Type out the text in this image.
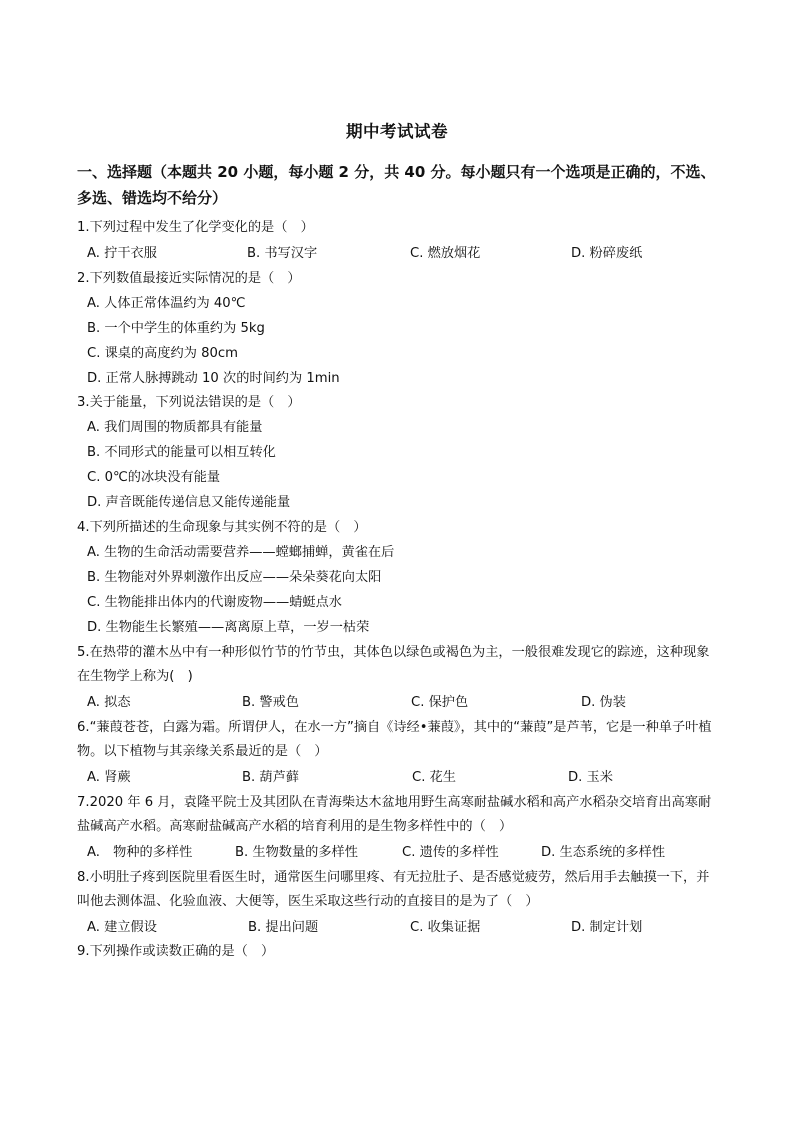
期中考试试卷
一、选择题（本题共 20 小题，每小题 2 分，共 40 分。每小题只有一个选项是正确的，不选、多选、错选均不给分）
1.下列过程中发生了化学变化的是（　）
A. 拧干衣服	B. 书写汉字	C. 燃放烟花	D. 粉碎废纸
2.下列数值最接近实际情况的是（　）
A. 人体正常体温约为 40℃
B. 一个中学生的体重约为 5kg
C. 课桌的高度约为 80cm
D. 正常人脉搏跳动 10 次的时间约为 1min
3.关于能量，下列说法错误的是（　）
A. 我们周围的物质都具有能量
B. 不同形式的能量可以相互转化
C. 0℃的冰块没有能量
D. 声音既能传递信息又能传递能量
4.下列所描述的生命现象与其实例不符的是（　）
A. 生物的生命活动需要营养——螳螂捕蝉，黄雀在后
B. 生物能对外界刺激作出反应——朵朵葵花向太阳
C. 生物能排出体内的代谢废物——蜻蜓点水
D. 生物能生长繁殖——离离原上草，一岁一枯荣
5.在热带的灌木丛中有一种形似竹节的竹节虫，其体色以绿色或褐色为主，一般很难发现它的踪迹，这种现象在生物学上称为(　)
A. 拟态	B. 警戒色	C. 保护色	D. 伪装
6.“蒹葭苍苍，白露为霜。所谓伊人，在水一方”摘自《诗经•蒹葭》，其中的“蒹葭”是芦苇，它是一种单子叶植物。以下植物与其亲缘关系最近的是（　）
A. 肾蕨	B. 葫芦藓	C. 花生	D. 玉米
7.2020 年 6 月，袁隆平院士及其团队在青海柴达木盆地用野生高寒耐盐碱水稻和高产水稻杂交培育出高寒耐盐碱高产水稻。高寒耐盐碱高产水稻的培育利用的是生物多样性中的（　）
A.　物种的多样性	B. 生物数量的多样性	C. 遗传的多样性	D. 生态系统的多样性
8.小明肚子疼到医院里看医生时，通常医生问哪里疼、有无拉肚子、是否感觉疲劳，然后用手去触摸一下，并叫他去测体温、化验血液、大便等，医生采取这些行动的直接目的是为了（　）
A. 建立假设	B. 提出问题	C. 收集证据	D. 制定计划
9.下列操作或读数正确的是（　）
